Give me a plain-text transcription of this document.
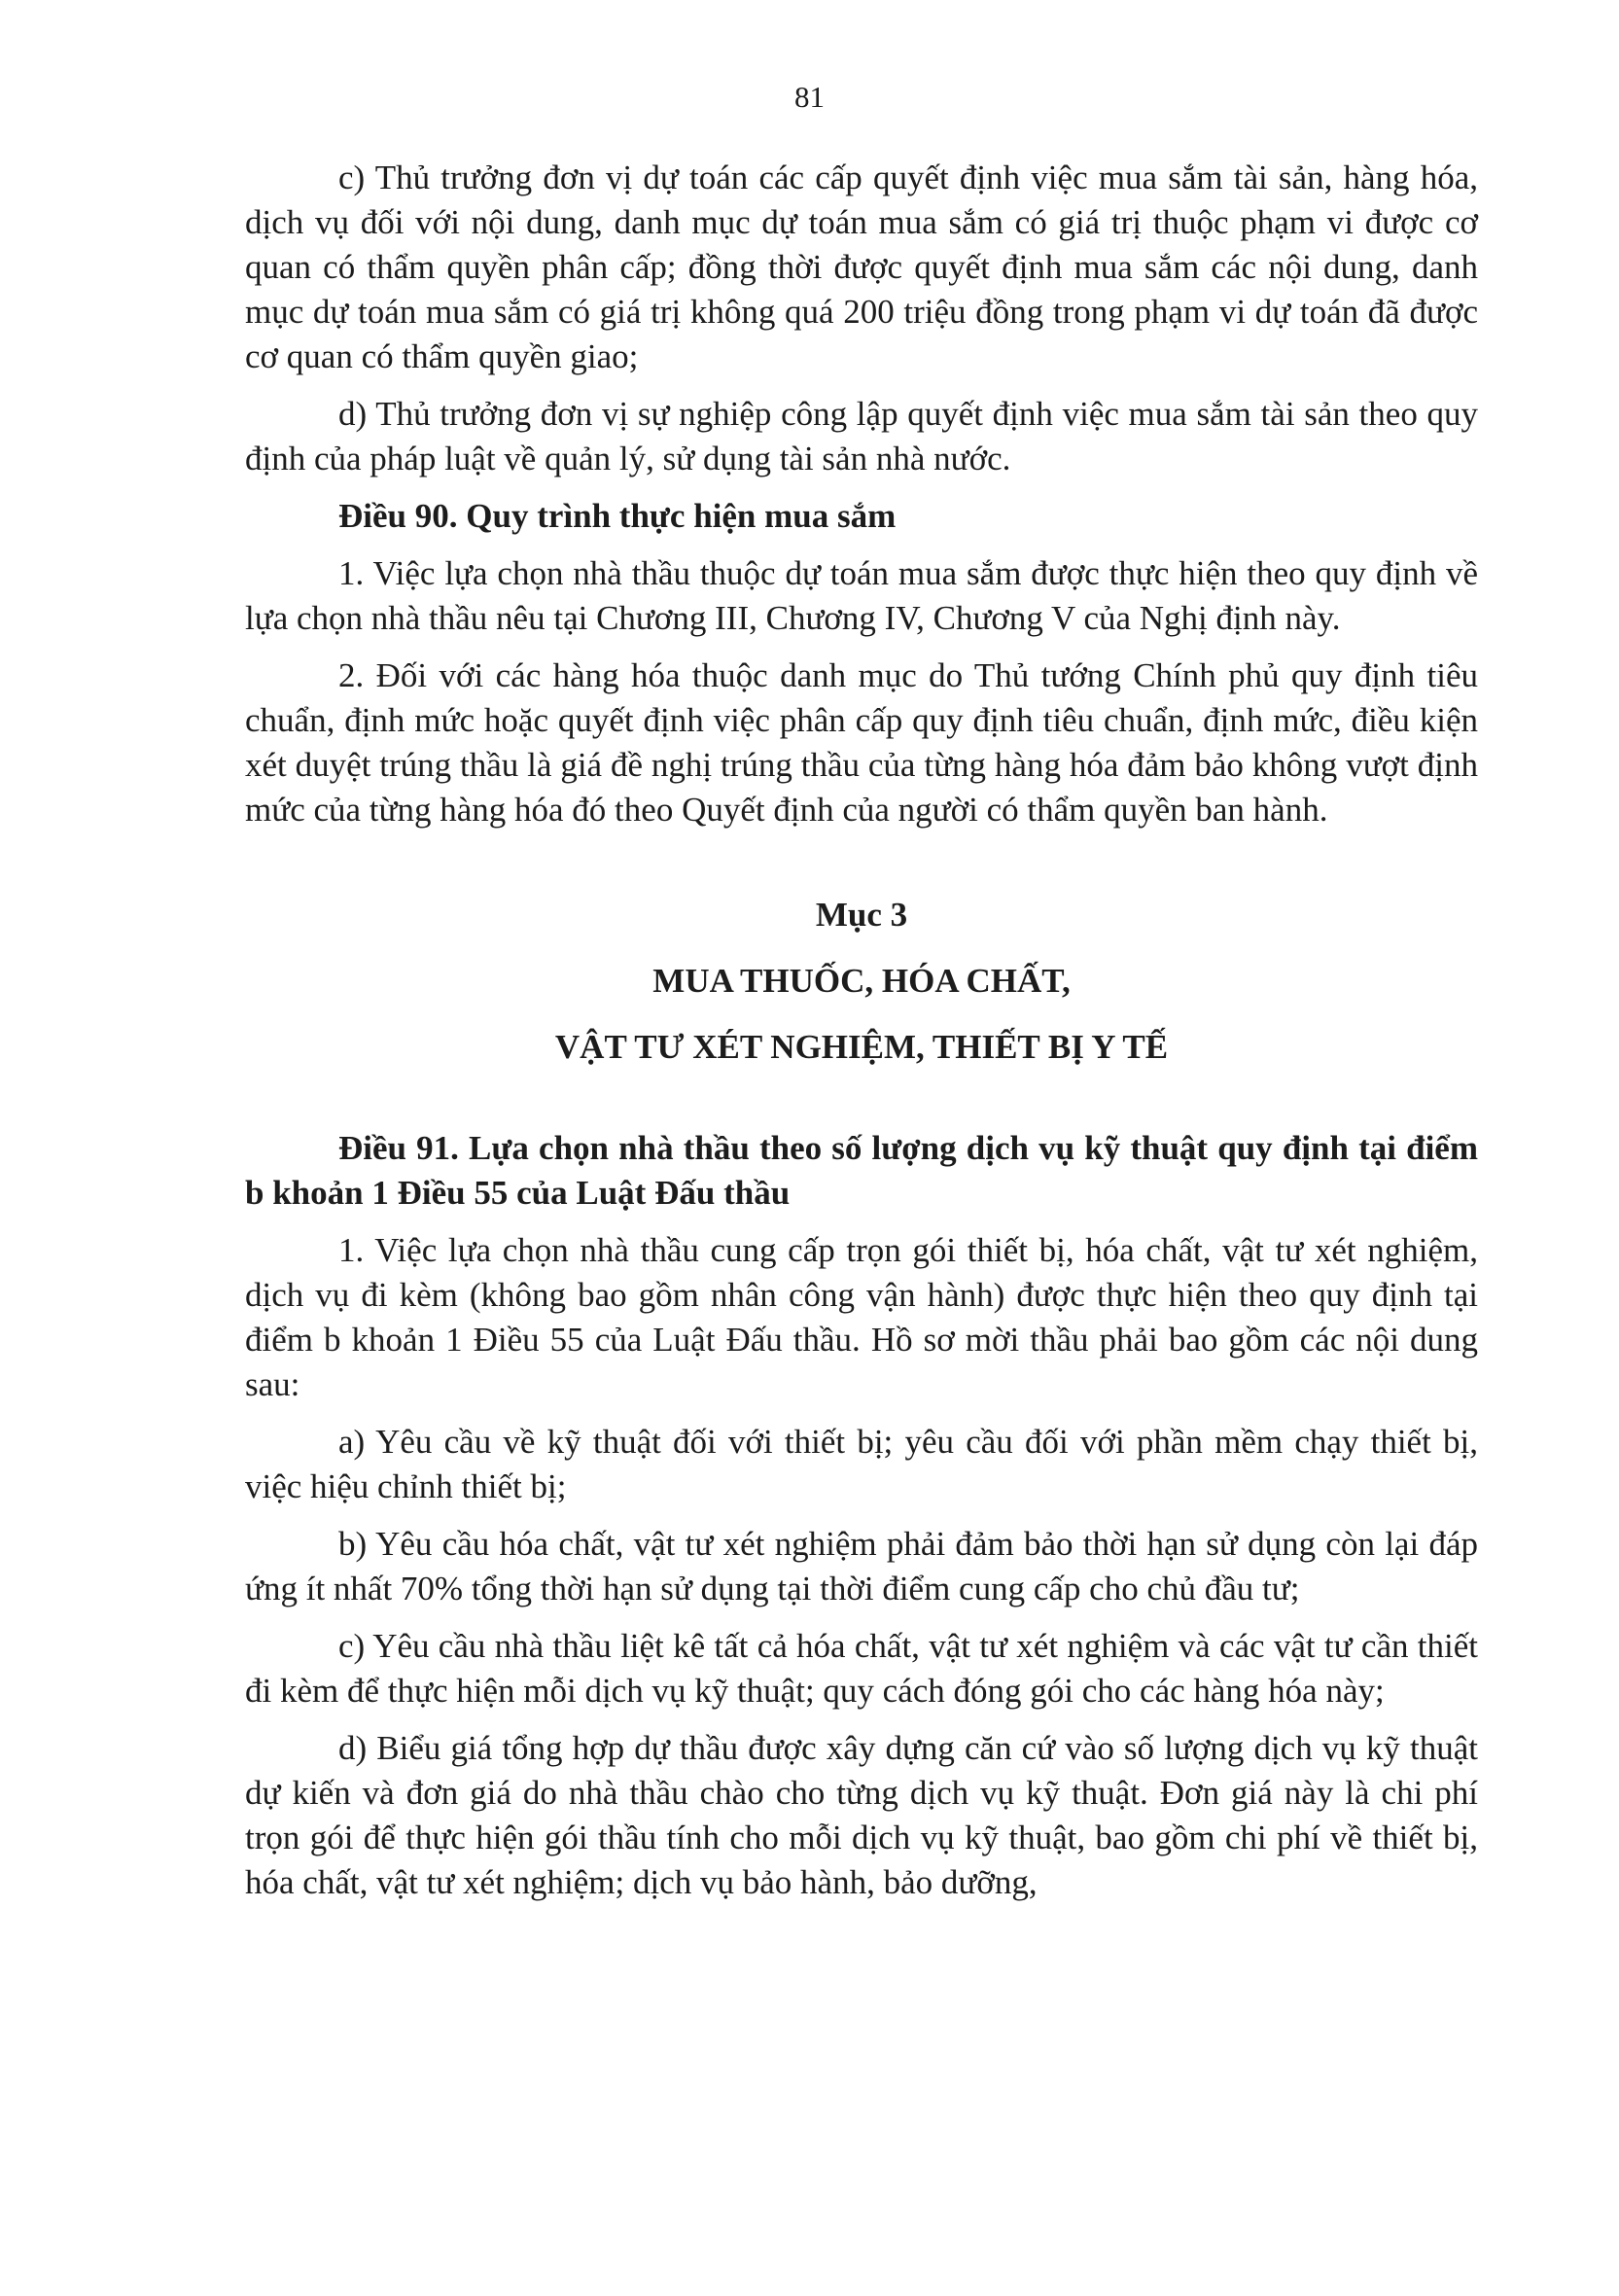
81

c) Thủ trưởng đơn vị dự toán các cấp quyết định việc mua sắm tài sản, hàng hóa, dịch vụ đối với nội dung, danh mục dự toán mua sắm có giá trị thuộc phạm vi được cơ quan có thẩm quyền phân cấp; đồng thời được quyết định mua sắm các nội dung, danh mục dự toán mua sắm có giá trị không quá 200 triệu đồng trong phạm vi dự toán đã được cơ quan có thẩm quyền giao;

d) Thủ trưởng đơn vị sự nghiệp công lập quyết định việc mua sắm tài sản theo quy định của pháp luật về quản lý, sử dụng tài sản nhà nước.

Điều 90. Quy trình thực hiện mua sắm

1. Việc lựa chọn nhà thầu thuộc dự toán mua sắm được thực hiện theo quy định về lựa chọn nhà thầu nêu tại Chương III, Chương IV, Chương V của Nghị định này.

2. Đối với các hàng hóa thuộc danh mục do Thủ tướng Chính phủ quy định tiêu chuẩn, định mức hoặc quyết định việc phân cấp quy định tiêu chuẩn, định mức, điều kiện xét duyệt trúng thầu là giá đề nghị trúng thầu của từng hàng hóa đảm bảo không vượt định mức của từng hàng hóa đó theo Quyết định của người có thẩm quyền ban hành.

Mục 3
MUA THUỐC, HÓA CHẤT,
VẬT TƯ XÉT NGHIỆM, THIẾT BỊ Y TẾ

Điều 91. Lựa chọn nhà thầu theo số lượng dịch vụ kỹ thuật quy định tại điểm b khoản 1 Điều 55 của Luật Đấu thầu

1. Việc lựa chọn nhà thầu cung cấp trọn gói thiết bị, hóa chất, vật tư xét nghiệm, dịch vụ đi kèm (không bao gồm nhân công vận hành) được thực hiện theo quy định tại điểm b khoản 1 Điều 55 của Luật Đấu thầu. Hồ sơ mời thầu phải bao gồm các nội dung sau:

a) Yêu cầu về kỹ thuật đối với thiết bị; yêu cầu đối với phần mềm chạy thiết bị, việc hiệu chỉnh thiết bị;

b) Yêu cầu hóa chất, vật tư xét nghiệm phải đảm bảo thời hạn sử dụng còn lại đáp ứng ít nhất 70% tổng thời hạn sử dụng tại thời điểm cung cấp cho chủ đầu tư;

c) Yêu cầu nhà thầu liệt kê tất cả hóa chất, vật tư xét nghiệm và các vật tư cần thiết đi kèm để thực hiện mỗi dịch vụ kỹ thuật; quy cách đóng gói cho các hàng hóa này;

d) Biểu giá tổng hợp dự thầu được xây dựng căn cứ vào số lượng dịch vụ kỹ thuật dự kiến và đơn giá do nhà thầu chào cho từng dịch vụ kỹ thuật. Đơn giá này là chi phí trọn gói để thực hiện gói thầu tính cho mỗi dịch vụ kỹ thuật, bao gồm chi phí về thiết bị, hóa chất, vật tư xét nghiệm; dịch vụ bảo hành, bảo dưỡng,
